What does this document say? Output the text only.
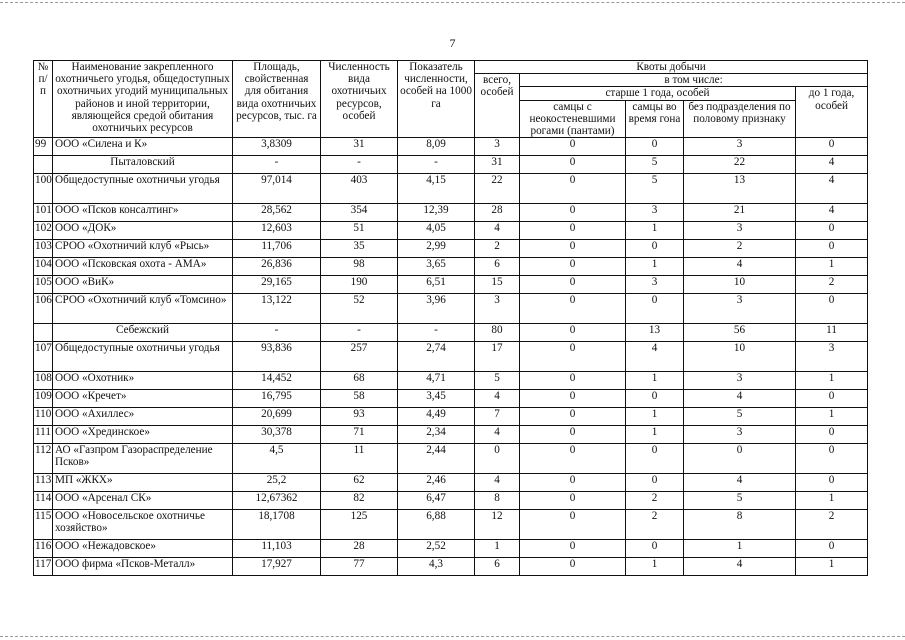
7
№ п/п	Наименование закрепленного охотничьего угодья, общедоступных охотничьих угодий муниципальных районов и иной территории, являющейся средой обитания охотничьих ресурсов	Площадь, свойственная для обитания вида охотничьих ресурсов, тыс. га	Численность вида охотничьих ресурсов, особей	Показатель численности, особей на 1000 га	Квоты добычи				
					всего, особей	в том числе:			
						старше 1 года, особей			до 1 года, особей
						самцы с неокостеневшими рогами (пантами)	самцы во время гона	без подразделения по половому признаку	
99	ООО «Силена и К»	3,8309	31	8,09	3	0	0	3	0
	Пыталовский	-	-	-	31	0	5	22	4
100	Общедоступные охотничьи угодья	97,014	403	4,15	22	0	5	13	4
101	ООО «Псков консалтинг»	28,562	354	12,39	28	0	3	21	4
102	ООО «ДОК»	12,603	51	4,05	4	0	1	3	0
103	СРОО «Охотничий клуб «Рысь»	11,706	35	2,99	2	0	0	2	0
104	ООО «Псковская охота - АМА»	26,836	98	3,65	6	0	1	4	1
105	ООО «ВиК»	29,165	190	6,51	15	0	3	10	2
106	СРОО «Охотничий клуб «Томсино»	13,122	52	3,96	3	0	0	3	0
	Себежский	-	-	-	80	0	13	56	11
107	Общедоступные охотничьи угодья	93,836	257	2,74	17	0	4	10	3
108	ООО «Охотник»	14,452	68	4,71	5	0	1	3	1
109	ООО «Кречет»	16,795	58	3,45	4	0	0	4	0
110	ООО «Ахиллес»	20,699	93	4,49	7	0	1	5	1
111	ООО «Хрединское»	30,378	71	2,34	4	0	1	3	0
112	АО «Газпром Газораспределение Псков»	4,5	11	2,44	0	0	0	0	0
113	МП «ЖКХ»	25,2	62	2,46	4	0	0	4	0
114	ООО «Арсенал СК»	12,67362	82	6,47	8	0	2	5	1
115	ООО «Новосельское охотничье хозяйство»	18,1708	125	6,88	12	0	2	8	2
116	ООО «Нежадовское»	11,103	28	2,52	1	0	0	1	0
117	ООО фирма «Псков-Металл»	17,927	77	4,3	6	0	1	4	1
